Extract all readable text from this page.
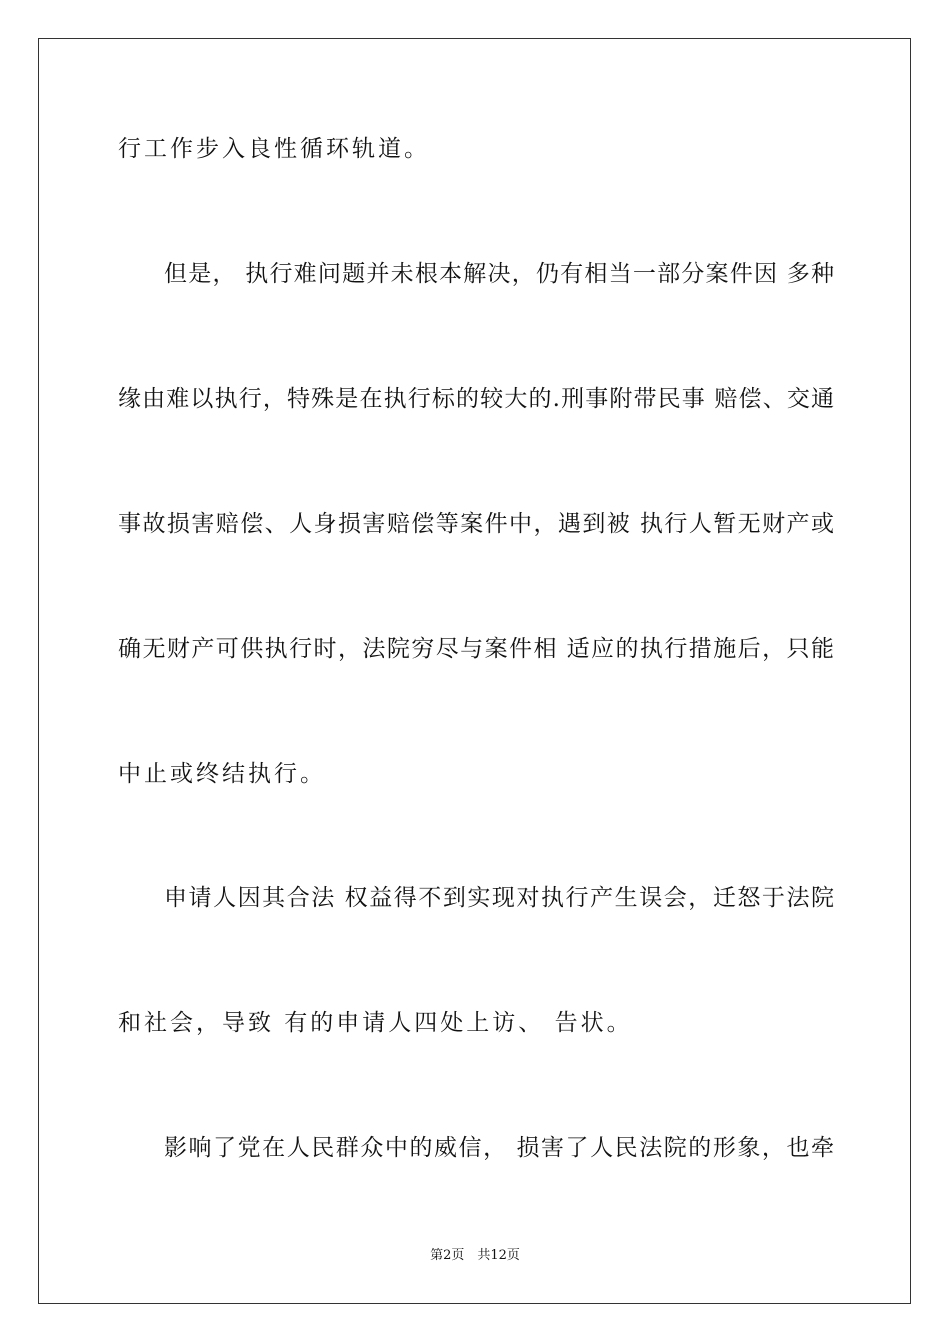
行工作步入良性循环轨道。
但是， 执行难问题并未根本解决，仍有相当一部分案件因 多种
缘由难以执行，特殊是在执行标的较大的.刑事附带民事 赔偿、交通
事故损害赔偿、人身损害赔偿等案件中，遇到被 执行人暂无财产或
确无财产可供执行时，法院穷尽与案件相 适应的执行措施后，只能
中止或终结执行。
申请人因其合法 权益得不到实现对执行产生误会，迁怒于法院
和社会，导致 有的申请人四处上访、 告状。
影响了党在人民群众中的威信， 损害了人民法院的形象，也牵
第2页　共12页
